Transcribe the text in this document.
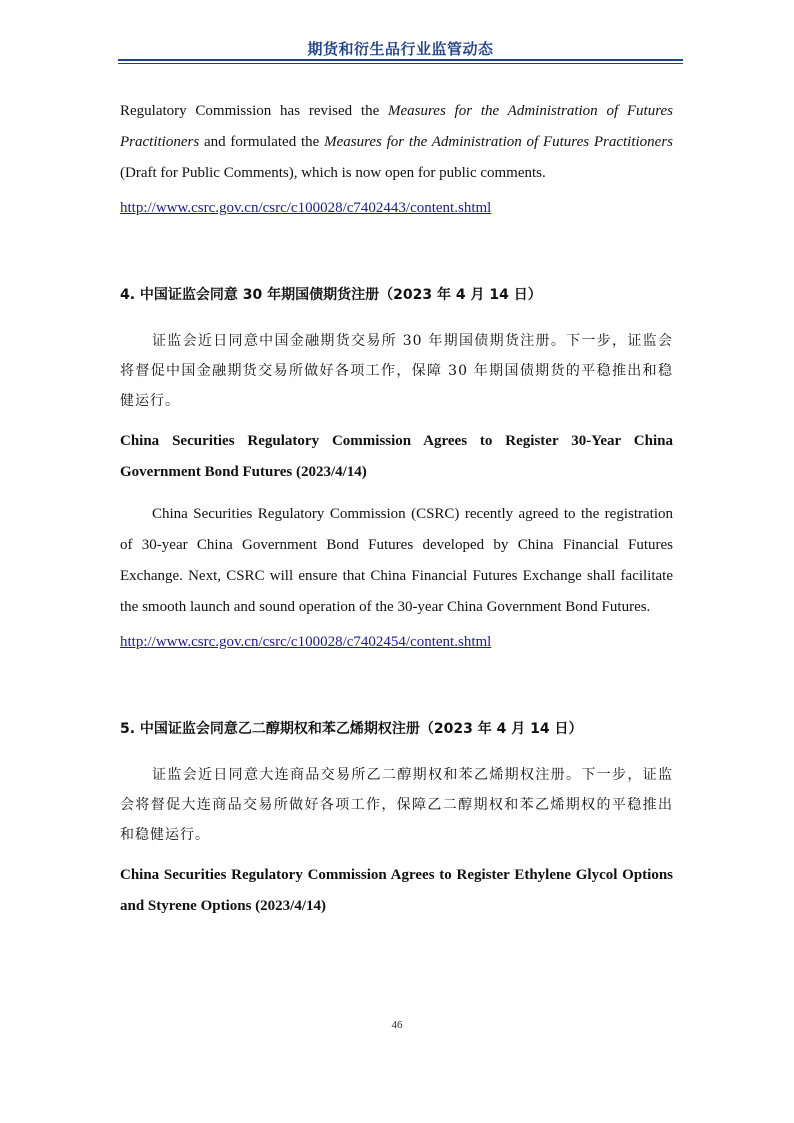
期货和衍生品行业监管动态

Regulatory Commission has revised the Measures for the Administration of Futures Practitioners and formulated the Measures for the Administration of Futures Practitioners (Draft for Public Comments), which is now open for public comments.

http://www.csrc.gov.cn/csrc/c100028/c7402443/content.shtml

4. 中国证监会同意 30 年期国债期货注册（2023 年 4 月 14 日）

证监会近日同意中国金融期货交易所 30 年期国债期货注册。下一步，证监会将督促中国金融期货交易所做好各项工作，保障 30 年期国债期货的平稳推出和稳健运行。

China Securities Regulatory Commission Agrees to Register 30-Year China Government Bond Futures (2023/4/14)

China Securities Regulatory Commission (CSRC) recently agreed to the registration of 30-year China Government Bond Futures developed by China Financial Futures Exchange. Next, CSRC will ensure that China Financial Futures Exchange shall facilitate the smooth launch and sound operation of the 30-year China Government Bond Futures.

http://www.csrc.gov.cn/csrc/c100028/c7402454/content.shtml

5. 中国证监会同意乙二醇期权和苯乙烯期权注册（2023 年 4 月 14 日）

证监会近日同意大连商品交易所乙二醇期权和苯乙烯期权注册。下一步，证监会将督促大连商品交易所做好各项工作，保障乙二醇期权和苯乙烯期权的平稳推出和稳健运行。

China Securities Regulatory Commission Agrees to Register Ethylene Glycol Options and Styrene Options (2023/4/14)

46
